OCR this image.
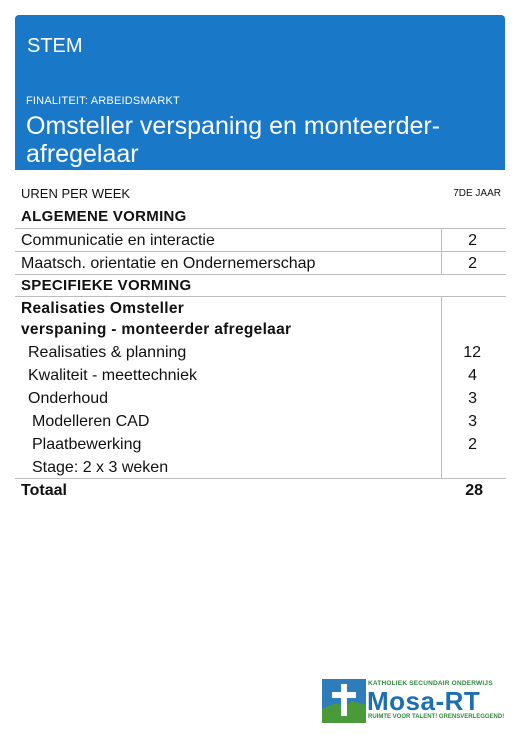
STEM
FINALITEIT: ARBEIDSMARKT
Omsteller verspaning en monteerder-afregelaar
UREN PER WEEK	7DE JAAR
ALGEMENE VORMING
Communicatie en interactie	2
Maatsch. orientatie en Ondernemerschap	2
SPECIFIEKE VORMING
Realisaties Omsteller
verspaning - monteerder afregelaar
Realisaties & planning	12
Kwaliteit - meettechniek	4
Onderhoud	3
Modelleren CAD	3
Plaatbewerking	2
Stage: 2 x 3 weken
Totaal	28
KATHOLIEK SECUNDAIR ONDERWIJS
Mosa-RT
RUIMTE VOOR TALENT! GRENSVERLEGGEND!
